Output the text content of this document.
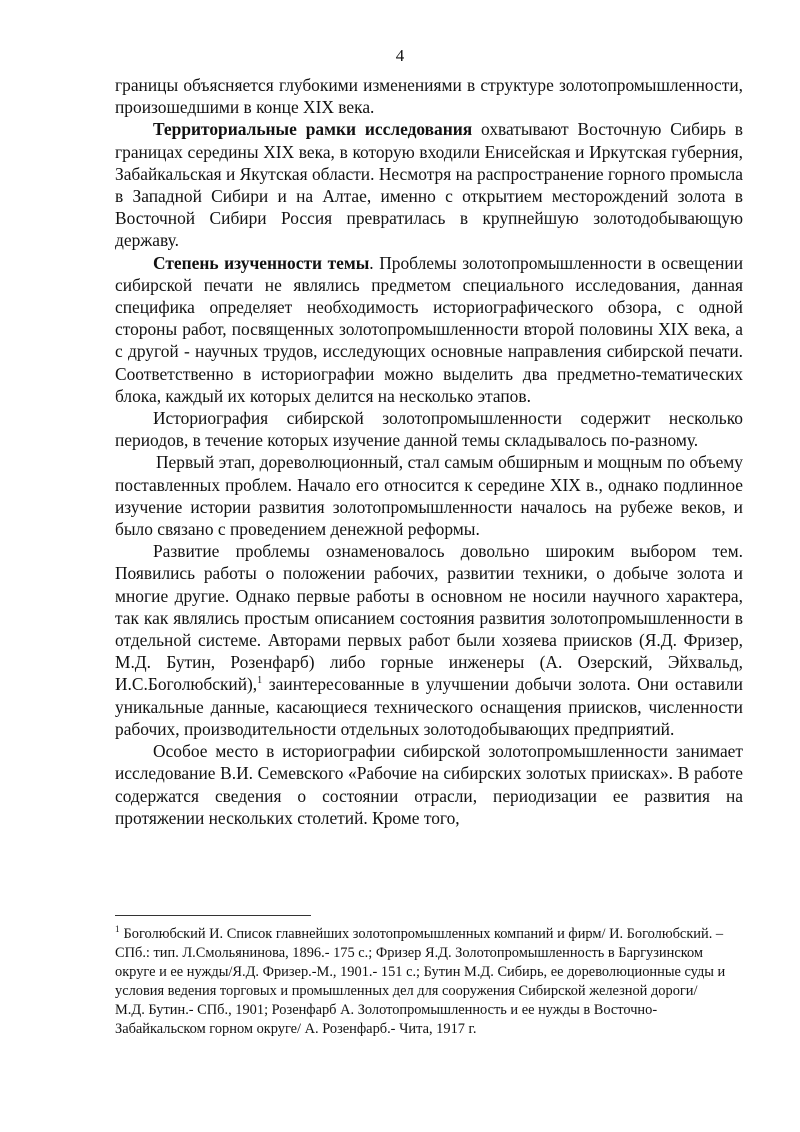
4

границы объясняется глубокими изменениями в структуре золотопромышленности, произошедшими в конце XIX века.

Территориальные рамки исследования охватывают Восточную Сибирь в границах середины XIX века, в которую входили Енисейская и Иркутская губерния, Забайкальская и Якутская области. Несмотря на распространение горного промысла в Западной Сибири и на Алтае, именно с открытием месторождений золота в Восточной Сибири Россия превратилась в крупнейшую золотодобывающую державу.

Степень изученности темы. Проблемы золотопромышленности в освещении сибирской печати не являлись предметом специального исследования, данная специфика определяет необходимость историографического обзора, с одной стороны работ, посвященных золотопромышленности второй половины XIX века, а с другой - научных трудов, исследующих основные направления сибирской печати. Соответственно в историографии можно выделить два предметно-тематических блока, каждый их которых делится на несколько этапов.

Историография сибирской золотопромышленности содержит несколько периодов, в течение которых изучение данной темы складывалось по-разному.

Первый этап, дореволюционный, стал самым обширным и мощным по объему поставленных проблем. Начало его относится к середине XIX в., однако подлинное изучение истории развития золотопромышленности началось на рубеже веков, и было связано с проведением денежной реформы.

Развитие проблемы ознаменовалось довольно широким выбором тем. Появились работы о положении рабочих, развитии техники, о добыче золота и многие другие. Однако первые работы в основном не носили научного характера, так как являлись простым описанием состояния развития золотопромышленности в отдельной системе. Авторами первых работ были хозяева приисков (Я.Д. Фризер, М.Д. Бутин, Розенфарб) либо горные инженеры (А. Озерский, Эйхвальд, И.С.Боголюбский),$^1$ заинтересованные в улучшении добычи золота. Они оставили уникальные данные, касающиеся технического оснащения приисков, численности рабочих, производительности отдельных золотодобывающих предприятий.

Особое место в историографии сибирской золотопромышленности занимает исследование В.И. Семевского «Рабочие на сибирских золотых приисках». В работе содержатся сведения о состоянии отрасли, периодизации ее развития на протяжении нескольких столетий. Кроме того,

$^1$ Боголюбский И. Список главнейших золотопромышленных компаний и фирм/ И. Боголюбский. – СПб.: тип. Л.Смольянинова, 1896.- 175 с.; Фризер Я.Д. Золотопромышленность в Баргузинском округе и ее нужды/Я.Д. Фризер.-М., 1901.- 151 с.; Бутин М.Д. Сибирь, ее дореволюционные суды и условия ведения торговых и промышленных дел для сооружения Сибирской железной дороги/ М.Д. Бутин.- СПб., 1901; Розенфарб А. Золотопромышленность и ее нужды в Восточно-Забайкальском горном округе/ А. Розенфарб.- Чита, 1917 г.
